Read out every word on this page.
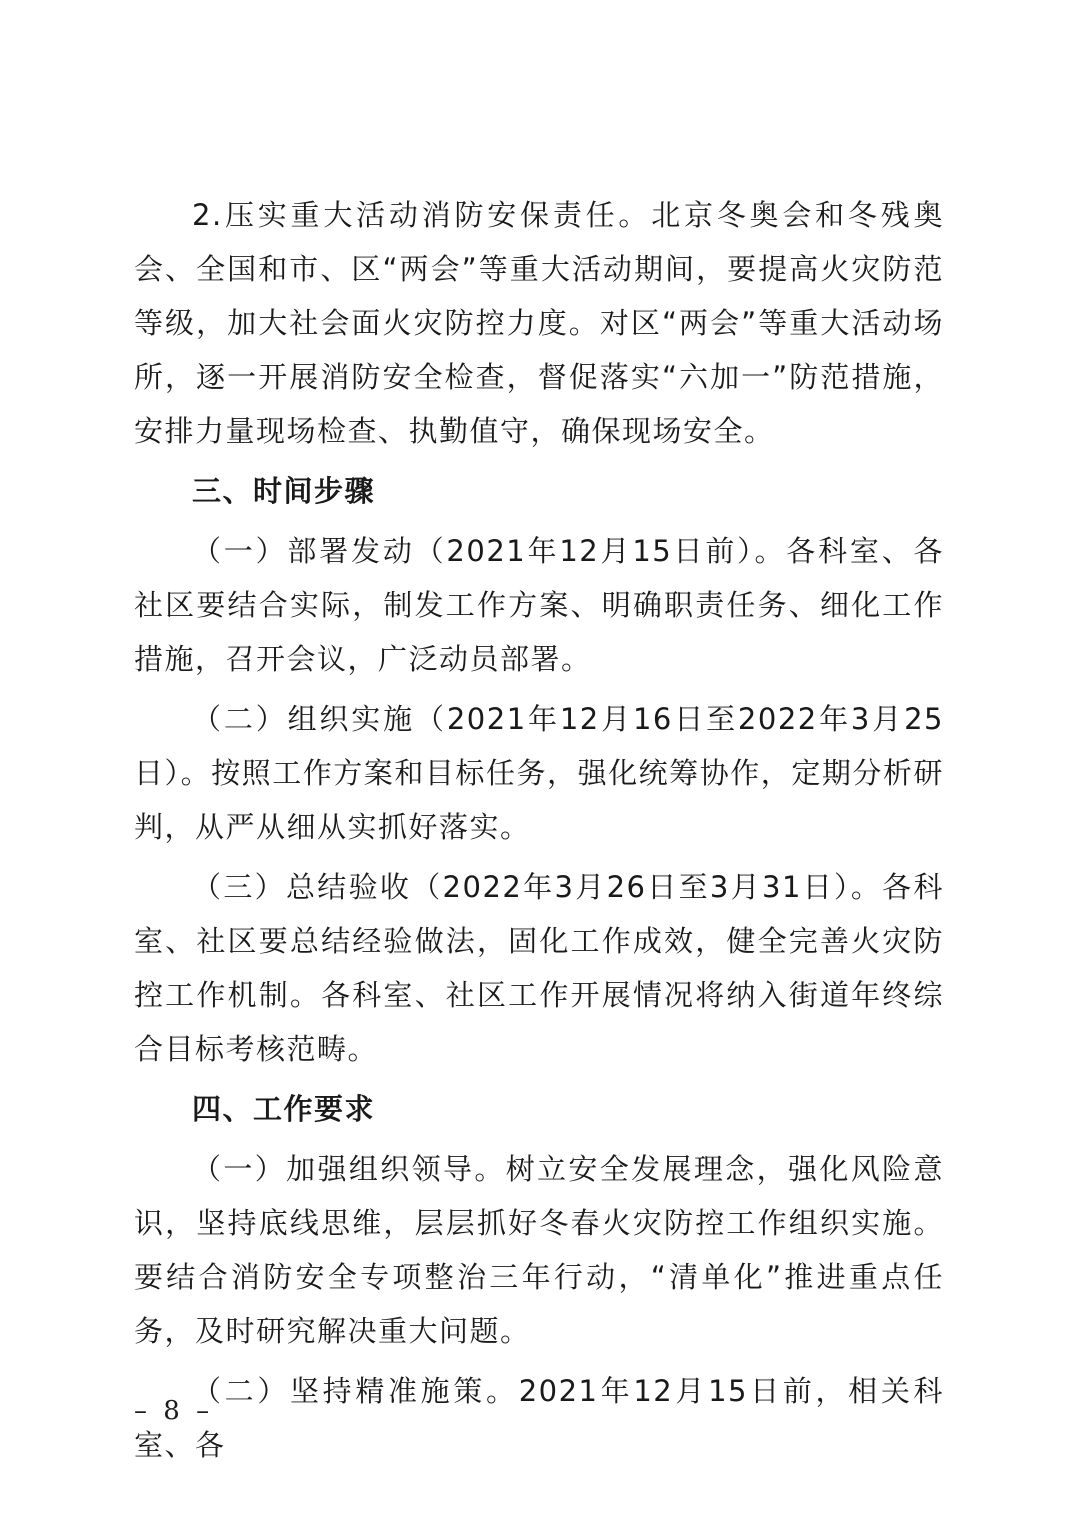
2.压实重大活动消防安保责任。北京冬奥会和冬残奥会、全国和市、区“两会”等重大活动期间，要提高火灾防范等级，加大社会面火灾防控力度。对区“两会”等重大活动场所，逐一开展消防安全检查，督促落实“六加一”防范措施，安排力量现场检查、执勤值守，确保现场安全。

三、时间步骤

（一）部署发动（2021年12月15日前）。各科室、各社区要结合实际，制发工作方案、明确职责任务、细化工作措施，召开会议，广泛动员部署。

（二）组织实施（2021年12月16日至2022年3月25日）。按照工作方案和目标任务，强化统筹协作，定期分析研判，从严从细从实抓好落实。

（三）总结验收（2022年3月26日至3月31日）。各科室、社区要总结经验做法，固化工作成效，健全完善火灾防控工作机制。各科室、社区工作开展情况将纳入街道年终综合目标考核范畴。

四、工作要求

（一）加强组织领导。树立安全发展理念，强化风险意识，坚持底线思维，层层抓好冬春火灾防控工作组织实施。要结合消防安全专项整治三年行动，“清单化”推进重点任务，及时研究解决重大问题。

（二）坚持精准施策。2021年12月15日前，相关科室、各

– 8 –
